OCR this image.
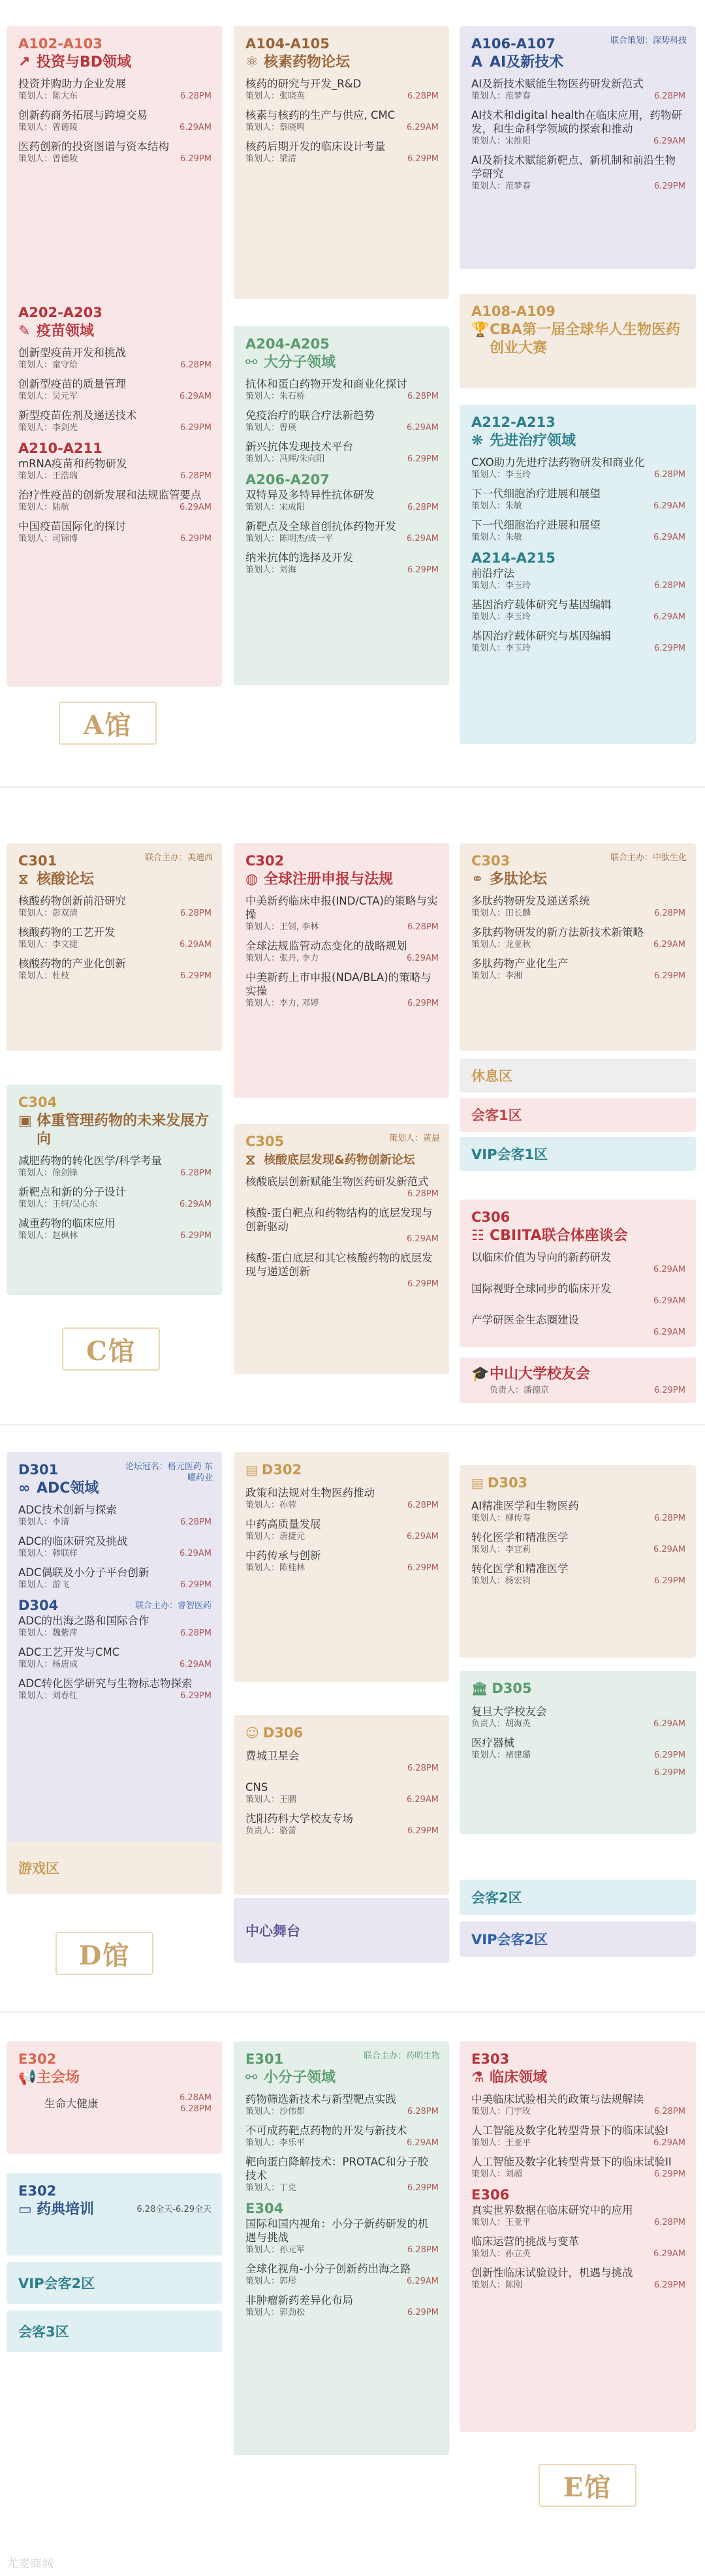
A102-A103
↗ 投资与BD领域
投资并购助力企业发展
策划人：陈大东	6.28PM
创新药商务拓展与跨境交易
策划人：曾德陵	6.29AM
医药创新的投资图谱与资本结构
策划人：曾德陵	6.29PM
A104-A105
⚛ 核素药物论坛
核药的研究与开发_R&D
策划人：张晓英	6.28PM
核素与核药的生产与供应, CMC
策划人：蔡晓鸣	6.29AM
核药后期开发的临床设计考量
策划人：梁清	6.29PM
联合策划：深势科技
A106-A107
A AI及新技术
AI及新技术赋能生物医药研发新范式
策划人：范梦春	6.28PM
AI技术和digital health在临床应用，药物研发，和生命科学领域的探索和推动
策划人：宋维阳	6.29AM
AI及新技术赋能新靶点、新机制和前沿生物学研究
策划人：范梦春	6.29PM
A108-A109
🏆 CBA第一届全球华人生物医药创业大赛
A202-A203
✎ 疫苗领域
创新型疫苗开发和挑战
策划人：童守给	6.28PM
创新型疫苗的质量管理
策划人：吴元军	6.29AM
新型疫苗佐剂及递送技术
策划人：李剑光	6.29PM
A210-A211
mRNA疫苗和药物研发
策划人：王浩瑞	6.28PM
治疗性疫苗的创新发展和法规监管要点
策划人：陆航	6.29AM
中国疫苗国际化的探讨
策划人：司锦博	6.29PM
A204-A205
⚯ 大分子领域
抗体和蛋白药物开发和商业化探讨
策划人：朱石桥	6.28PM
免疫治疗的联合疗法新趋势
策划人：曾瑛	6.29AM
新兴抗体发现技术平台
策划人：冯辉/朱向阳	6.29PM
A206-A207
双特异及多特异性抗体研发
策划人：宋成阳	6.28PM
新靶点及全球首创抗体药物开发
策划人：陈明杰/成一平	6.29AM
纳米抗体的选择及开发
策划人：刘海	6.29PM
A212-A213
❋ 先进治疗领域
CXO助力先进疗法药物研发和商业化
策划人：李玉玲	6.28PM
下一代细胞治疗进展和展望
策划人：朱敏	6.29AM
下一代细胞治疗进展和展望
策划人：朱敏	6.29AM
A214-A215
前沿疗法
策划人：李玉玲	6.28PM
基因治疗载体研究与基因编辑
策划人：李玉玲	6.29AM
基因治疗载体研究与基因编辑
策划人：李玉玲	6.29PM
A馆
联合主办：美迪西
C301
⧖ 核酸论坛
核酸药物创新前沿研究
策划人：彭双清	6.28PM
核酸药物的工艺开发
策划人：李文捷	6.29AM
核酸药物的产业化创新
策划人：杜枝	6.29PM
C302
◍ 全球注册申报与法规
中美新药临床申报(IND/CTA)的策略与实操
策划人：王钊, 李林	6.28PM
全球法规监管动态变化的战略规划
策划人：张丹, 李力	6.29AM
中美新药上市申报(NDA/BLA)的策略与实操
策划人：李力, 邓婷	6.29PM
联合主办：中肽生化
C303
⚭ 多肽论坛
多肽药物研发及递送系统
策划人：田长麟	6.28PM
多肽药物研发的新方法新技术新策略
策划人：龙亚秋	6.29AM
多肽药物产业化生产
策划人：李湘	6.29PM
休息区
会客1区
VIP会客1区
C304
▣ 体重管理药物的未来发展方向
减肥药物的转化医学/科学考量
策划人：徐剑锋	6.28PM
新靶点和新的分子设计
策划人：王轲/吴心东	6.29AM
减重药物的临床应用
策划人：赵枫林	6.29PM
策划人：黄晨
C305
⧖ 核酸底层发现&药物创新论坛
核酸底层创新赋能生物医药研发新范式
6.28PM
核酸-蛋白靶点和药物结构的底层发现与创新驱动
6.29AM
核酸-蛋白底层和其它核酸药物的底层发现与递送创新
6.29PM
C306
☷ CBIITA联合体座谈会
以临床价值为导向的新药研发
6.29AM
国际视野全球同步的临床开发
6.29AM
产学研医金生态圈建设
6.29AM
🎓 中山大学校友会
负责人：潘德京	6.29PM
C馆
论坛冠名：格元医药 东曜药业
D301
∞ ADC领域
ADC技术创新与探索
策划人：李清	6.28PM
ADC的临床研究及挑战
策划人：韩联样	6.29AM
ADC偶联及小分子平台创新
策划人：游飞	6.29PM
D304	联合主办：睿智医药
ADC的出海之路和国际合作
策划人：魏紫萍	6.28PM
ADC工艺开发与CMC
策划人：杨唐成	6.29AM
ADC转化医学研究与生物标志物探索
策划人：刘春红	6.29PM
游戏区
▤ D302
政策和法规对生物医药推动
策划人：孙蓉	6.28PM
中药高质量发展
策划人：唐捷元	6.29AM
中药传承与创新
策划人：陈桂林	6.29PM
☺ D306
费城卫星会
6.28PM
CNS
策划人：王鹏	6.29AM
沈阳药科大学校友专场
负责人：骆蕾	6.29PM
中心舞台
▤ D303
AI精准医学和生物医药
策划人：柳传寿	6.28PM
转化医学和精准医学
策划人：李宜莉	6.29AM
转化医学和精准医学
策划人：杨宏钧	6.29PM
🏛 D305
复旦大学校友会
负责人：胡海英	6.29AM
医疗器械
策划人：褚建璐	6.29PM
6.29PM
会客2区
VIP会客2区
D馆
E302
📢 主会场
生命大健康	6.28AM
6.28PM
E302
▭ 药典培训	6.28全天-6.29全天
VIP会客2区
会客3区
联合主办：药明生物
E301
⚯ 小分子领域
药物筛选新技术与新型靶点实践
策划人：沙伟都	6.28PM
不可成药靶点药物的开发与新技术
策划人：李乐平	6.29AM
靶向蛋白降解技术：PROTAC和分子胶技术
策划人：丁克	6.29PM
E304
国际和国内视角：小分子新药研发的机遇与挑战
策划人：孙元军	6.28PM
全球化视角-小分子创新药出海之路
策划人：郭彤	6.29AM
非肿瘤新药差异化布局
策划人：郭劲松	6.29PM
E303
⚗ 临床领域
中美临床试验相关的政策与法规解读
策划人：门宇玫	6.28PM
人工智能及数字化转型背景下的临床试验I
策划人：王亚平	6.29AM
人工智能及数字化转型背景下的临床试验II
策划人：刘超	6.29PM
E306
真实世界数据在临床研究中的应用
策划人：王亚平	6.28PM
临床运营的挑战与变革
策划人：孙立英	6.29AM
创新性临床试验设计，机遇与挑战
策划人：陈刚	6.29PM
E馆
尤麦商城
